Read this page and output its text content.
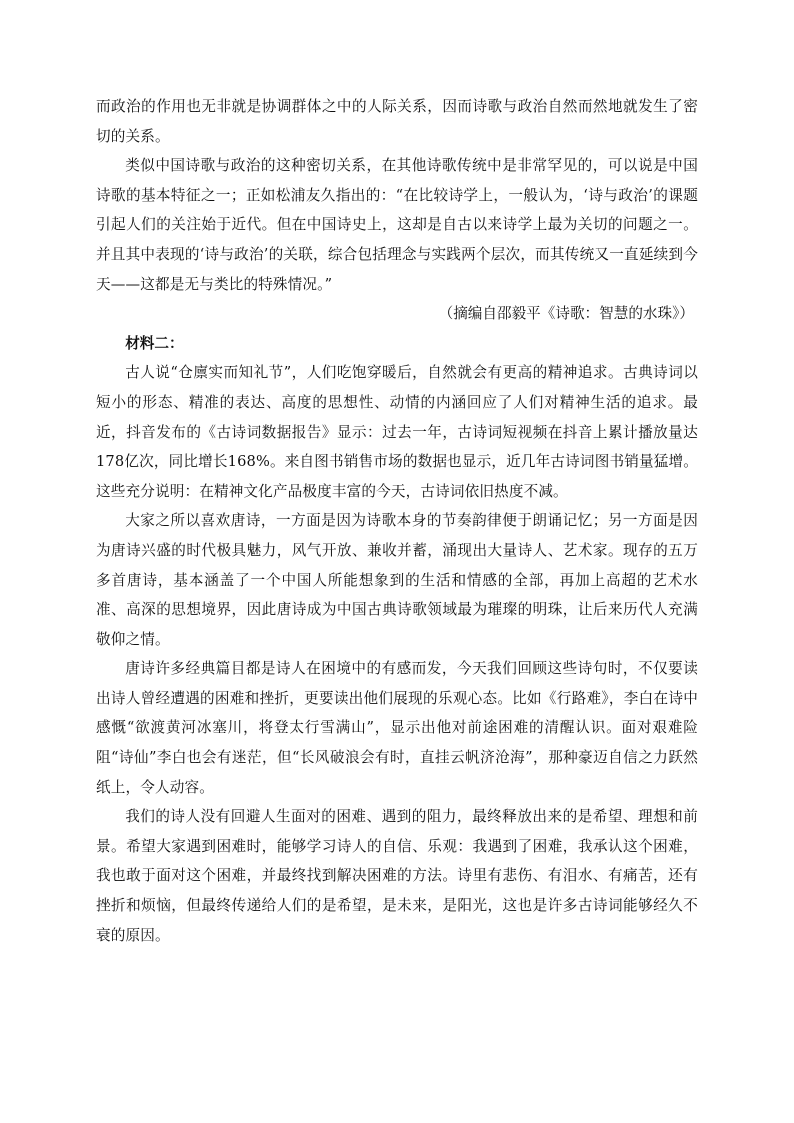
而政治的作用也无非就是协调群体之中的人际关系，因而诗歌与政治自然而然地就发生了密切的关系。

类似中国诗歌与政治的这种密切关系，在其他诗歌传统中是非常罕见的，可以说是中国诗歌的基本特征之一；正如松浦友久指出的：“在比较诗学上，一般认为，‘诗与政治’的课题引起人们的关注始于近代。但在中国诗史上，这却是自古以来诗学上最为关切的问题之一。并且其中表现的‘诗与政治’的关联，综合包括理念与实践两个层次，而其传统又一直延续到今天——这都是无与类比的特殊情况。”

（摘编自邵毅平《诗歌：智慧的水珠》）

材料二：

古人说“仓廪实而知礼节”，人们吃饱穿暖后，自然就会有更高的精神追求。古典诗词以短小的形态、精准的表达、高度的思想性、动情的内涵回应了人们对精神生活的追求。最近，抖音发布的《古诗词数据报告》显示：过去一年，古诗词短视频在抖音上累计播放量达178亿次，同比增长168%。来自图书销售市场的数据也显示，近几年古诗词图书销量猛增。这些充分说明：在精神文化产品极度丰富的今天，古诗词依旧热度不减。

大家之所以喜欢唐诗，一方面是因为诗歌本身的节奏韵律便于朗诵记忆；另一方面是因为唐诗兴盛的时代极具魅力，风气开放、兼收并蓄，涌现出大量诗人、艺术家。现存的五万多首唐诗，基本涵盖了一个中国人所能想象到的生活和情感的全部，再加上高超的艺术水准、高深的思想境界，因此唐诗成为中国古典诗歌领域最为璀璨的明珠，让后来历代人充满敬仰之情。

唐诗许多经典篇目都是诗人在困境中的有感而发，今天我们回顾这些诗句时，不仅要读出诗人曾经遭遇的困难和挫折，更要读出他们展现的乐观心态。比如《行路难》，李白在诗中感慨“欲渡黄河冰塞川，将登太行雪满山”，显示出他对前途困难的清醒认识。面对艰难险阻“诗仙”李白也会有迷茫，但“长风破浪会有时，直挂云帆济沧海”，那种豪迈自信之力跃然纸上，令人动容。

我们的诗人没有回避人生面对的困难、遇到的阻力，最终释放出来的是希望、理想和前景。希望大家遇到困难时，能够学习诗人的自信、乐观：我遇到了困难，我承认这个困难，我也敢于面对这个困难，并最终找到解决困难的方法。诗里有悲伤、有泪水、有痛苦，还有挫折和烦恼，但最终传递给人们的是希望，是未来，是阳光，这也是许多古诗词能够经久不衰的原因。
